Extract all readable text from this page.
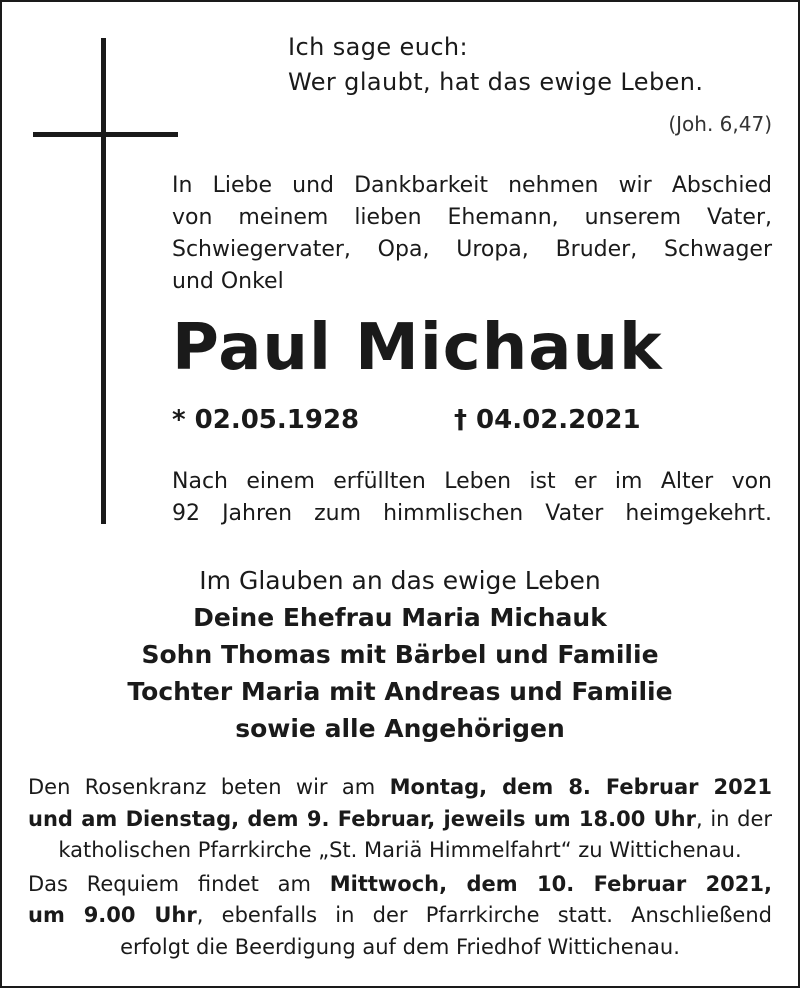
Ich sage euch:
Wer glaubt, hat das ewige Leben.
(Joh. 6,47)
In Liebe und Dankbarkeit nehmen wir Abschied
von meinem lieben Ehemann, unserem Vater,
Schwiegervater, Opa, Uropa, Bruder, Schwager
und Onkel
Paul Michauk
* 02.05.1928	† 04.02.2021
Nach einem erfüllten Leben ist er im Alter von
92 Jahren zum himmlischen Vater heimgekehrt.
Im Glauben an das ewige Leben
Deine Ehefrau Maria Michauk
Sohn Thomas mit Bärbel und Familie
Tochter Maria mit Andreas und Familie
sowie alle Angehörigen
Den Rosenkranz beten wir am Montag, dem 8. Februar 2021
und am Dienstag, dem 9. Februar, jeweils um 18.00 Uhr, in der
katholischen Pfarrkirche „St. Mariä Himmelfahrt“ zu Wittichenau.
Das Requiem findet am Mittwoch, dem 10. Februar 2021,
um 9.00 Uhr, ebenfalls in der Pfarrkirche statt. Anschließend
erfolgt die Beerdigung auf dem Friedhof Wittichenau.
